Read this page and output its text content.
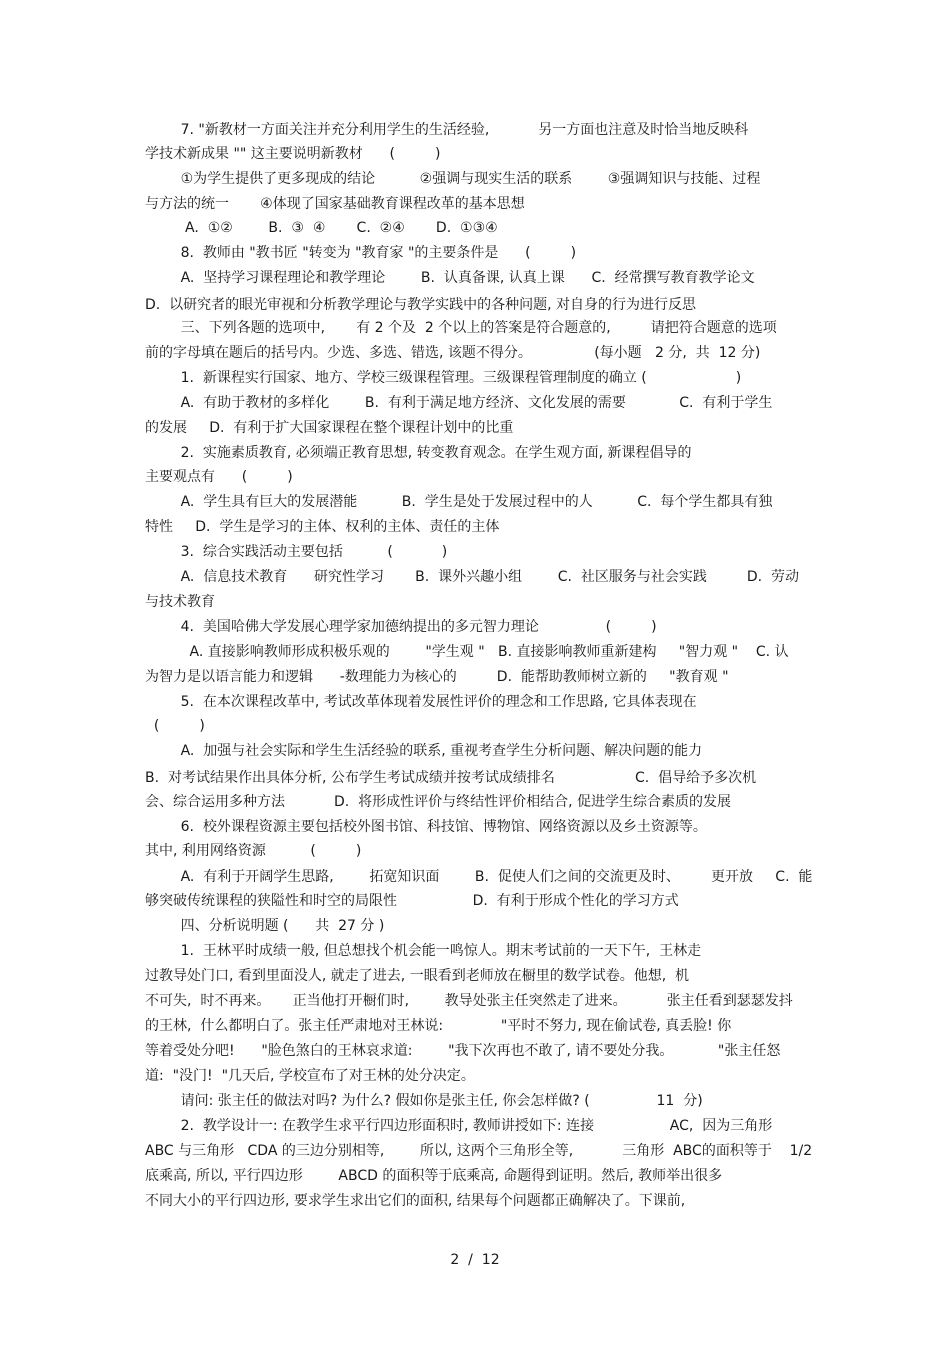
7. "新教材一方面关注并充分利用学生的生活经验,           另一方面也注意及时恰当地反映科
学技术新成果 "" 这主要说明新教材      (         )
①为学生提供了更多现成的结论          ②强调与现实生活的联系        ③强调知识与技能、过程
与方法的统一       ④体现了国家基础教育课程改革的基本思想
A.  ①②        B.  ③  ④       C.  ②④       D.  ①③④
8.  教师由 "教书匠 "转变为 "教育家 "的主要条件是      (         )
A.  坚持学习课程理论和教学理论        B.  认真备课, 认真上课      C.  经常撰写教育教学论文
D.  以研究者的眼光审视和分析教学理论与教学实践中的各种问题, 对自身的行为进行反思
三、下列各题的选项中,       有 2 个及  2 个以上的答案是符合题意的,         请把符合题意的选项
前的字母填在题后的括号内。少选、多选、错选, 该题不得分。              (每小题   2 分,  共  12 分)
1.  新课程实行国家、地方、学校三级课程管理。三级课程管理制度的确立 (                    )
A.  有助于教材的多样化        B.  有利于满足地方经济、文化发展的需要            C.  有利于学生
的发展     D.  有利于扩大国家课程在整个课程计划中的比重
2.  实施素质教育, 必须端正教育思想, 转变教育观念。在学生观方面, 新课程倡导的
主要观点有      (         )
A.  学生具有巨大的发展潜能          B.  学生是处于发展过程中的人          C.  每个学生都具有独
特性     D.  学生是学习的主体、权利的主体、责任的主体
3.  综合实践活动主要包括          (           )
A.  信息技术教育      研究性学习       B.  课外兴趣小组        C.  社区服务与社会实践         D.  劳动
与技术教育
4.  美国哈佛大学发展心理学家加德纳提出的多元智力理论               (         )
A. 直接影响教师形成积极乐观的        "学生观 "   B. 直接影响教师重新建构     "智力观 "    C. 认
为智力是以语言能力和逻辑      -数理能力为核心的         D.  能帮助教师树立新的     "教育观 "
5.  在本次课程改革中, 考试改革体现着发展性评价的理念和工作思路, 它具体表现在
(         )
A.  加强与社会实际和学生生活经验的联系, 重视考查学生分析问题、解决问题的能力
B.  对考试结果作出具体分析, 公布学生考试成绩并按考试成绩排名                  C.  倡导给予多次机
会、综合运用多种方法           D.  将形成性评价与终结性评价相结合, 促进学生综合素质的发展
6.  校外课程资源主要包括校外图书馆、科技馆、博物馆、网络资源以及乡土资源等。
其中, 利用网络资源          (         )
A.  有利于开阔学生思路,        拓宽知识面        B.  促使人们之间的交流更及时、       更开放     C.  能
够突破传统课程的狭隘性和时空的局限性                 D.  有利于形成个性化的学习方式
四、分析说明题 (      共  27 分 )
1.  王林平时成绩一般, 但总想找个机会能一鸣惊人。期末考试前的一天下午,  王林走
过教导处门口, 看到里面没人, 就走了进去, 一眼看到老师放在橱里的数学试卷。他想,  机
不可失,  时不再来。     正当他打开橱们时,        教导处张主任突然走了进来。         张主任看到瑟瑟发抖
的王林,  什么都明白了。张主任严肃地对王林说:             "平时不努力, 现在偷试卷, 真丢脸! 你
等着受处分吧!      "脸色煞白的王林哀求道:        "我下次再也不敢了, 请不要处分我。          "张主任怒
道:  "没门!  "几天后, 学校宣布了对王林的处分决定。
请问: 张主任的做法对吗? 为什么? 假如你是张主任, 你会怎样做? (               11  分)
2.  教学设计一: 在教学生求平行四边形面积时, 教师讲授如下: 连接                 AC,  因为三角形
ABC 与三角形   CDA 的三边分别相等,        所以, 这两个三角形全等,           三角形  ABC的面积等于    1/2
底乘高, 所以, 平行四边形        ABCD 的面积等于底乘高, 命题得到证明。然后, 教师举出很多
不同大小的平行四边形, 要求学生求出它们的面积, 结果每个问题都正确解决了。下课前,
2  /  12
